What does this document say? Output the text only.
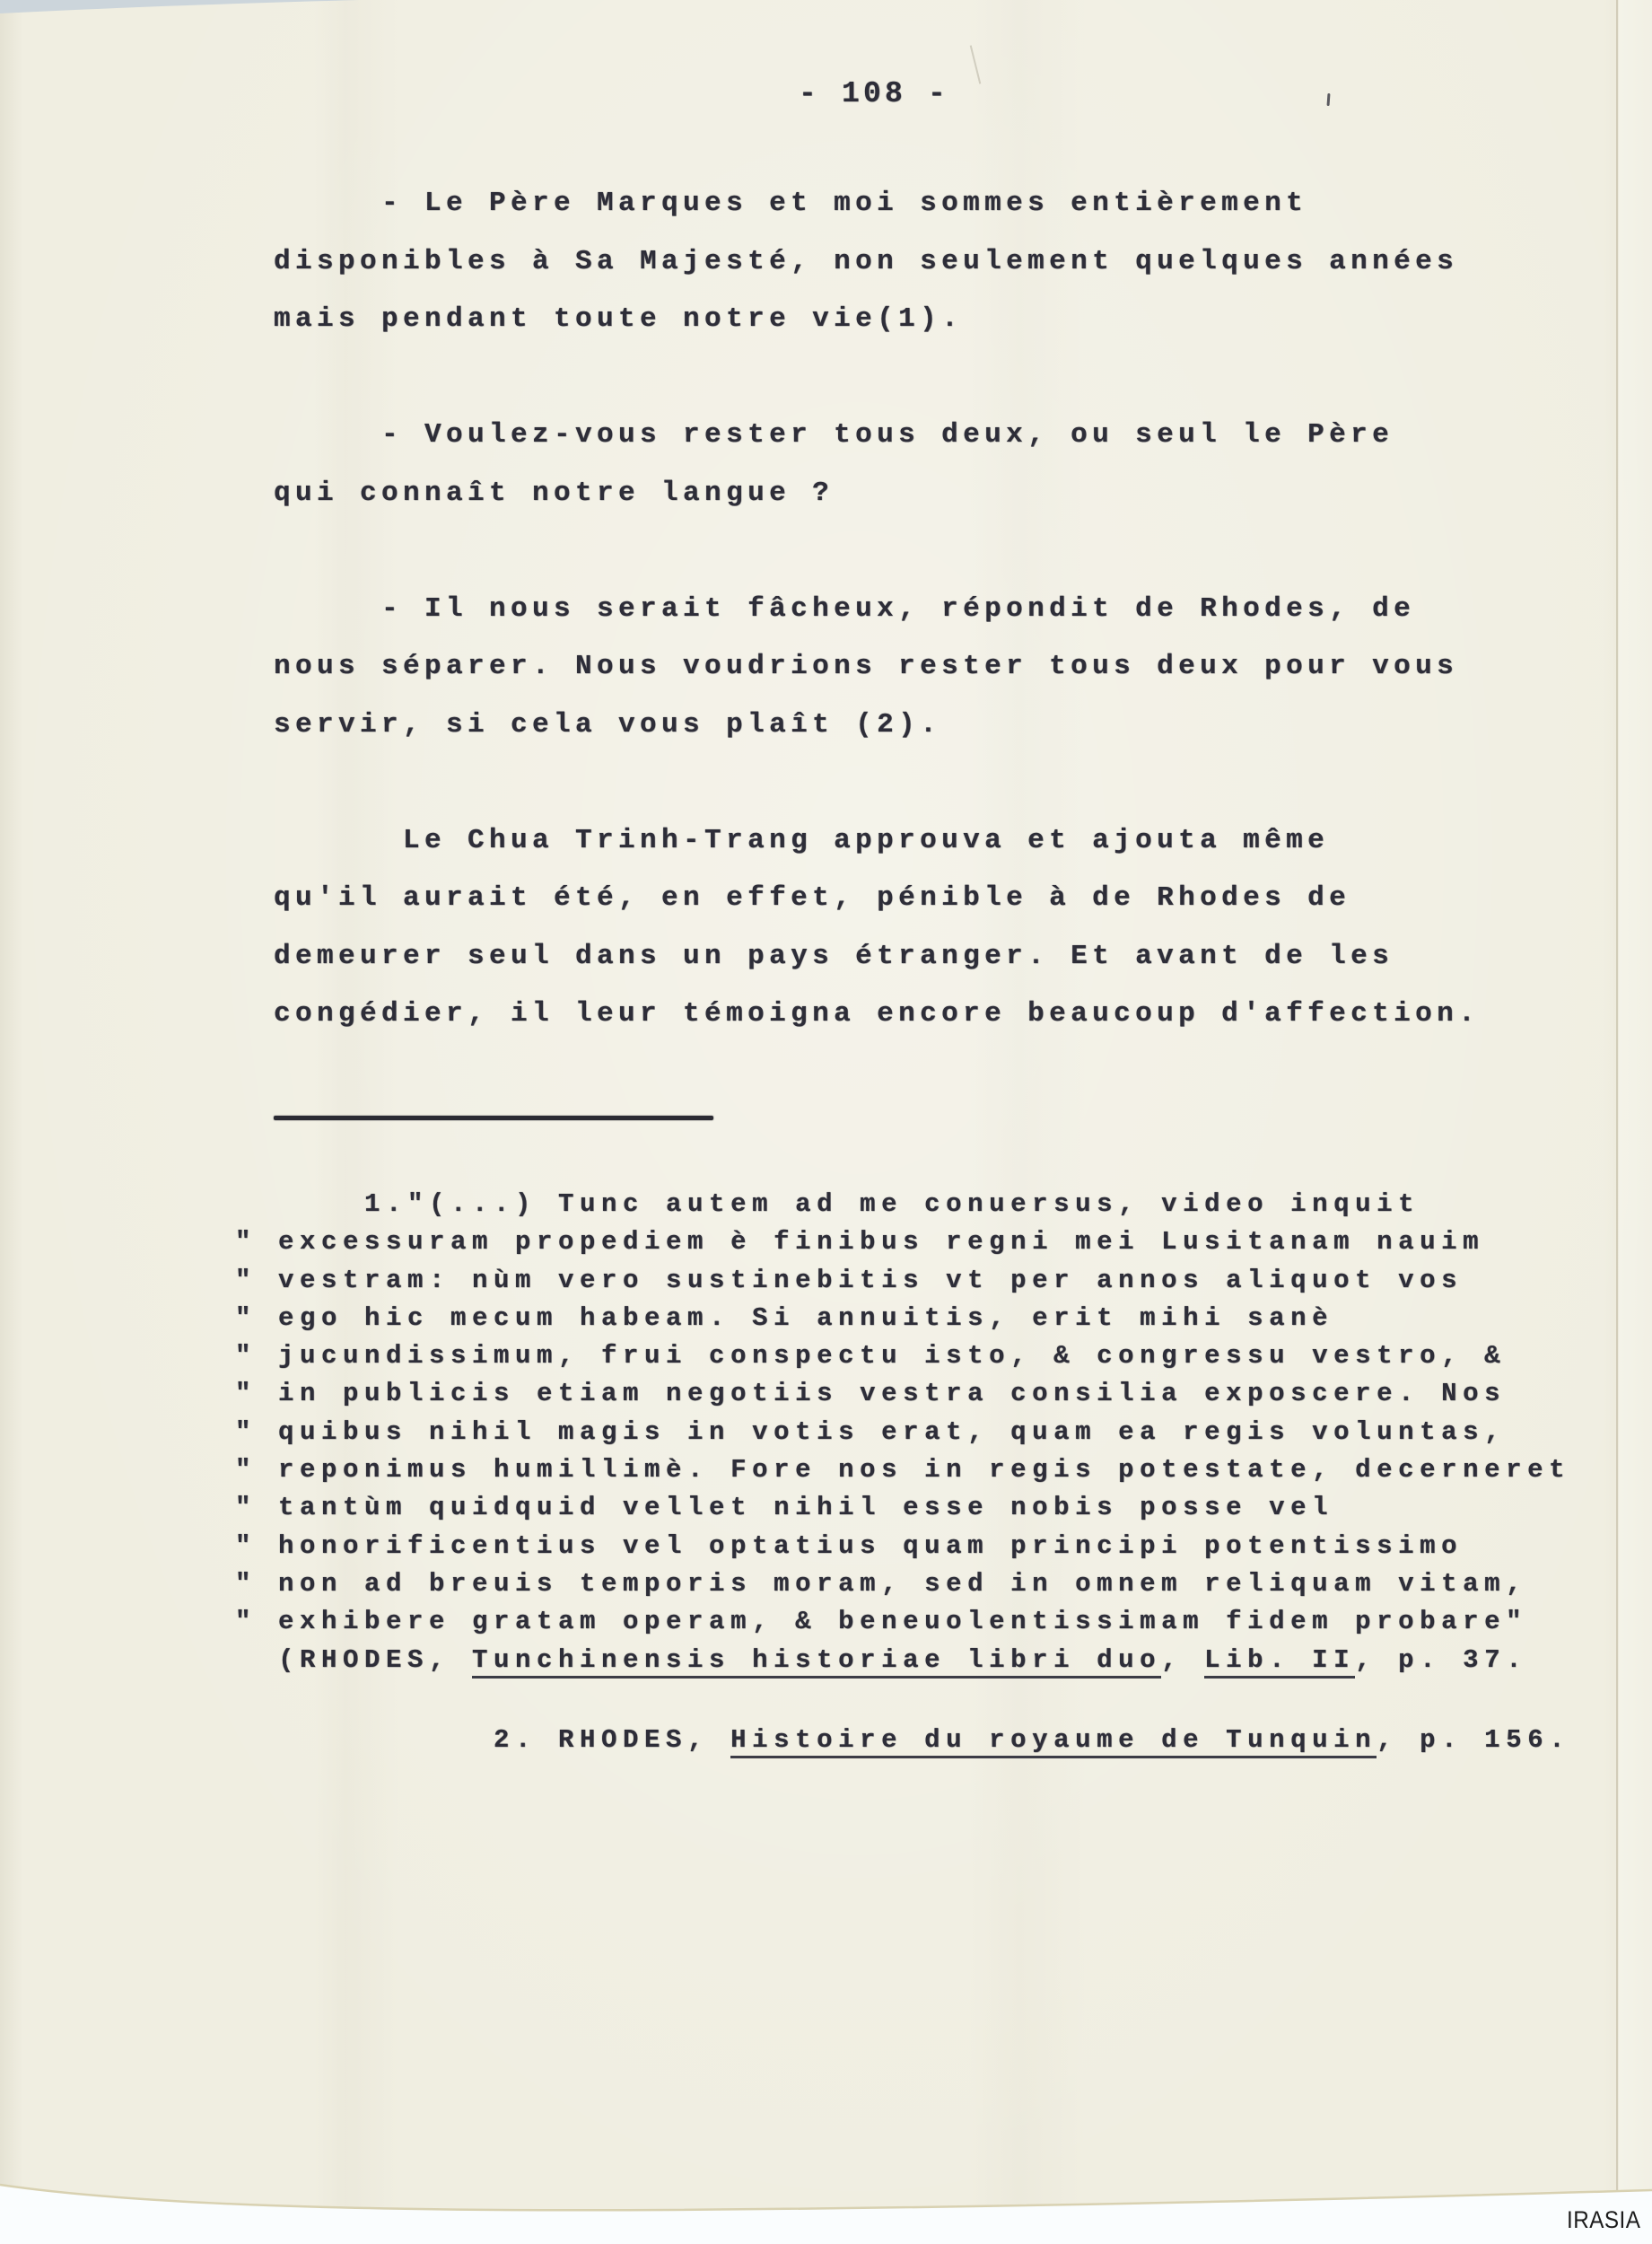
- 108 -
- Le Père Marques et moi sommes entièrement
disponibles à Sa Majesté, non seulement quelques années
mais pendant toute notre vie(1).
- Voulez-vous rester tous deux, ou seul le Père
qui connaît notre langue ?
- Il nous serait fâcheux, répondit de Rhodes, de
nous séparer. Nous voudrions rester tous deux pour vous
servir, si cela vous plaît (2).
Le Chua Trinh-Trang approuva et ajouta même
qu'il aurait été, en effet, pénible à de Rhodes de
demeurer seul dans un pays étranger. Et avant de les
congédier, il leur témoigna encore beaucoup d'affection.
1."(...) Tunc autem ad me conuersus, video inquit
" excessuram propediem è finibus regni mei Lusitanam nauim
" vestram: nùm vero sustinebitis vt per annos aliquot vos
" ego hic mecum habeam. Si annuitis, erit mihi sanè
" jucundissimum, frui conspectu isto, & congressu vestro, &
" in publicis etiam negotiis vestra consilia exposcere. Nos
" quibus nihil magis in votis erat, quam ea regis voluntas,
" reponimus humillimè. Fore nos in regis potestate, decerneret
" tantùm quidquid vellet nihil esse nobis posse vel
" honorificentius vel optatius quam principi potentissimo
" non ad breuis temporis moram, sed in omnem reliquam vitam,
" exhibere gratam operam, & beneuolentissimam fidem probare"
(RHODES, Tunchinensis historiae libri duo, Lib. II, p. 37.
2. RHODES, Histoire du royaume de Tunquin, p. 156.
IRASIA
